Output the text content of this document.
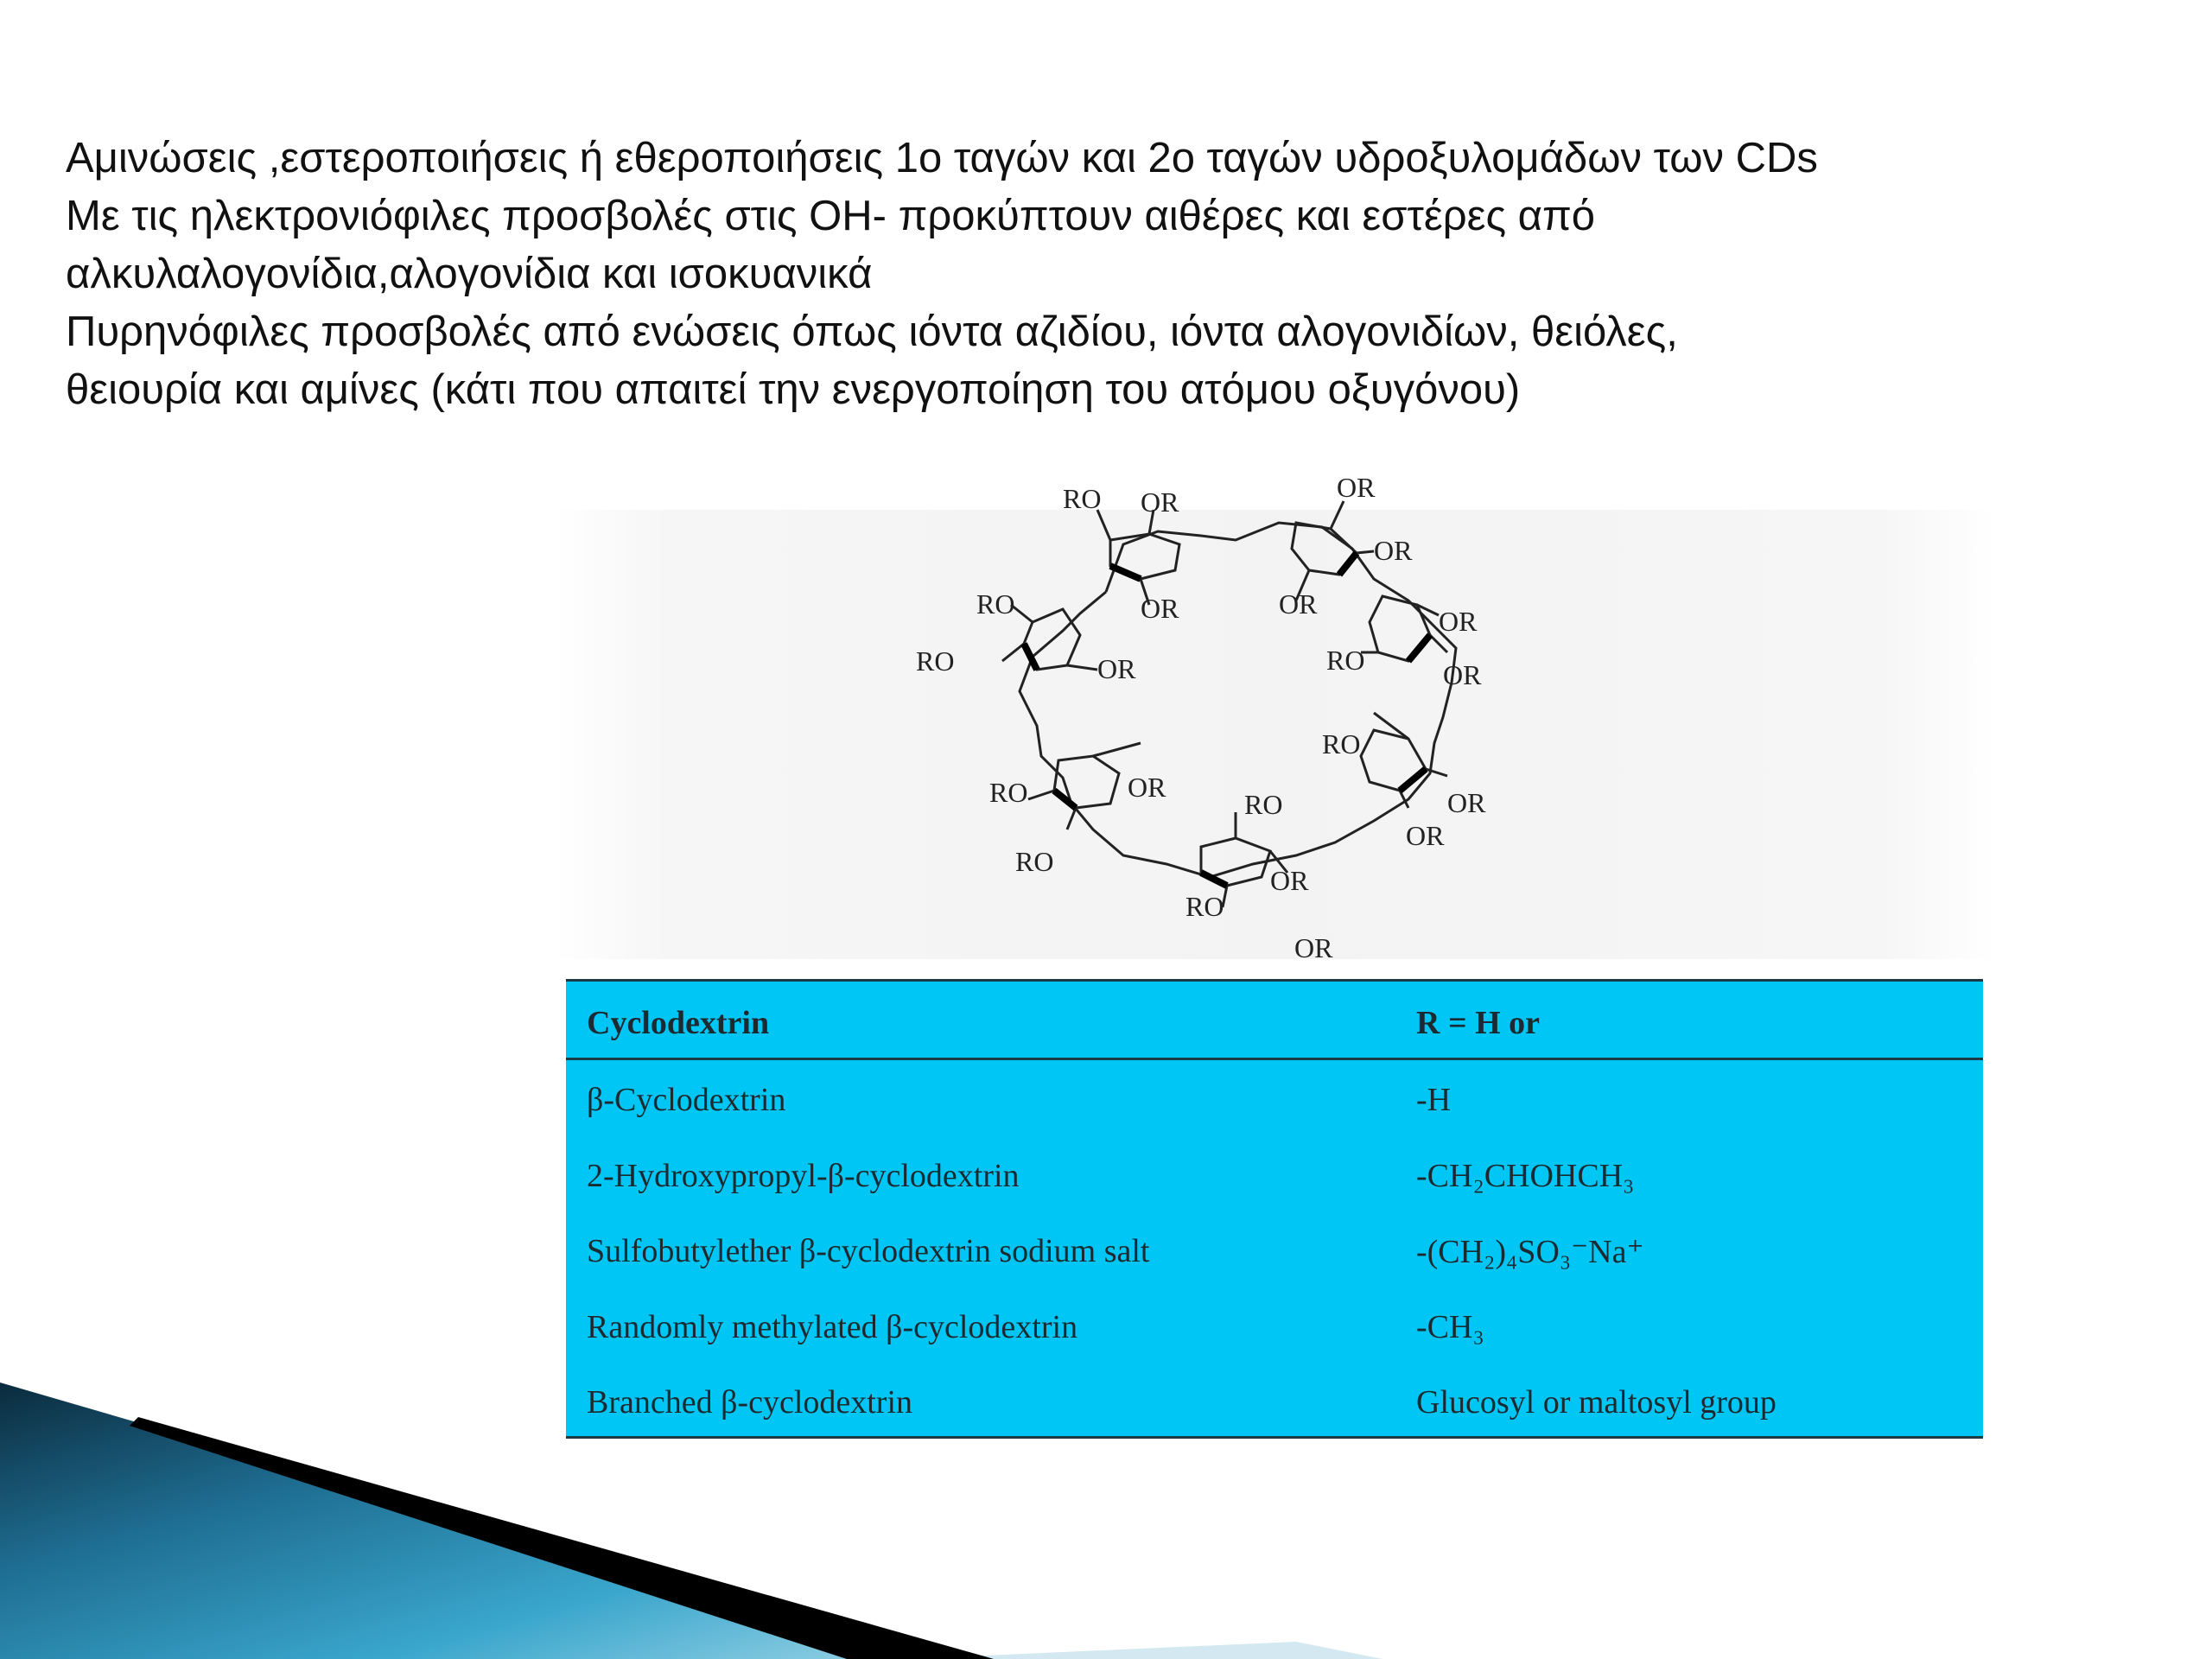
Αμινώσεις ,εστεροποιήσεις ή εθεροποιήσεις 1ο ταγών και 2ο ταγών υδροξυλομάδων των CDs

Με τις ηλεκτρονιόφιλες προσβολές στις ΟΗ- προκύπτουν αιθέρες και εστέρες από

αλκυλαλογονίδια,αλογονίδια και ισοκυανικά

Πυρηνόφιλες προσβολές από ενώσεις όπως ιόντα αζιδίου, ιόντα αλογονιδίων, θειόλες,

θειουρία και αμίνες (κάτι που απαιτεί την ενεργοποίηση του ατόμου οξυγόνου)

RO OR
OR
OR
OR
OR
RO
RO	OR
OR
RO	OR
OR
RO
RO	OR
RO
OR
OR
RO
RO
OR
Cyclodextrin	R = H or
β-Cyclodextrin	-H
2-Hydroxypropyl-β-cyclodextrin	-CH₂CHOHCH₃
Sulfobutylether β-cyclodextrin sodium salt	-(CH₂)₄SO₃⁻Na⁺
Randomly methylated β-cyclodextrin	-CH₃
Branched β-cyclodextrin	Glucosyl or maltosyl group
